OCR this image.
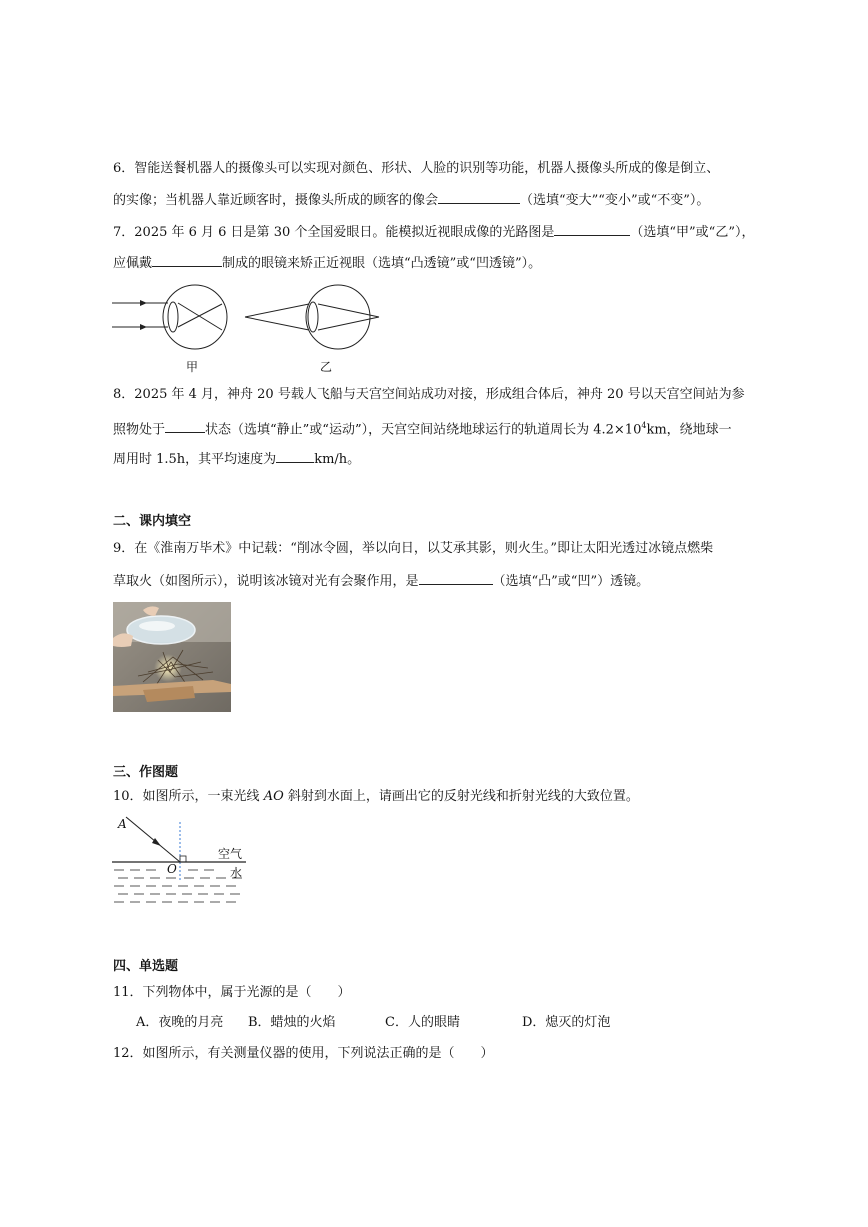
6．智能送餐机器人的摄像头可以实现对颜色、形状、人脸的识别等功能，机器人摄像头所成的像是倒立、
的实像；当机器人靠近顾客时，摄像头所成的顾客的像会	（选填“变大”“变小”或“不变”）。
7．2025 年 6 月 6 日是第 30 个全国爱眼日。能模拟近视眼成像的光路图是	（选填“甲”或“乙”），
应佩戴	制成的眼镜来矫正近视眼（选填“凸透镜”或“凹透镜”）。
甲	乙
8．2025 年 4 月，神舟 20 号载人飞船与天宫空间站成功对接，形成组合体后，神舟 20 号以天宫空间站为参
照物处于	状态（选填“静止”或“运动”），天宫空间站绕地球运行的轨道周长为 $4.2\times 10^4km$，绕地球一
周用时 1.5h，其平均速度为	km/h。
二、课内填空
9．在《淮南万毕术》中记载：“削冰令圆，举以向日，以艾承其影，则火生。”即让太阳光透过冰镜点燃柴
草取火（如图所示），说明该冰镜对光有会聚作用，是	（选填“凸”或“凹”）透镜。
三、作图题
10．如图所示，一束光线 AO 斜射到水面上，请画出它的反射光线和折射光线的大致位置。
A
O
空气
水
四、单选题
11．下列物体中，属于光源的是（　　）
A．夜晚的月亮 B．蜡烛的火焰	C．人的眼睛	D．熄灭的灯泡
12．如图所示，有关测量仪器的使用，下列说法正确的是（　　）
